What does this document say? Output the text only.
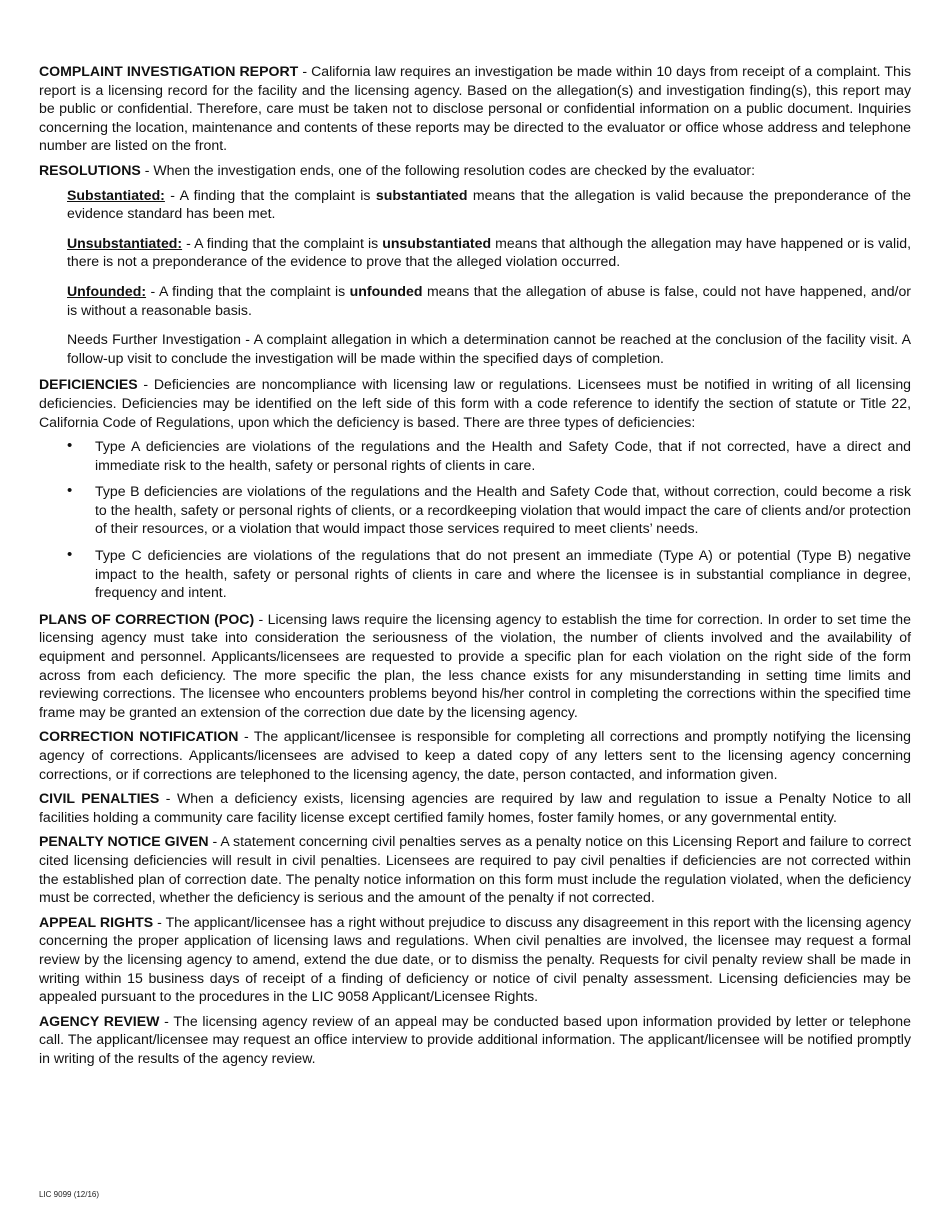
COMPLAINT INVESTIGATION REPORT - California law requires an investigation be made within 10 days from receipt of a complaint. This report is a licensing record for the facility and the licensing agency. Based on the allegation(s) and investigation finding(s), this report may be public or confidential. Therefore, care must be taken not to disclose personal or confidential information on a public document. Inquiries concerning the location, maintenance and contents of these reports may be directed to the evaluator or office whose address and telephone number are listed on the front.

RESOLUTIONS - When the investigation ends, one of the following resolution codes are checked by the evaluator:

Substantiated: - A finding that the complaint is substantiated means that the allegation is valid because the preponderance of the evidence standard has been met.

Unsubstantiated: - A finding that the complaint is unsubstantiated means that although the allegation may have happened or is valid, there is not a preponderance of the evidence to prove that the alleged violation occurred.

Unfounded: - A finding that the complaint is unfounded means that the allegation of abuse is false, could not have happened, and/or is without a reasonable basis.

Needs Further Investigation - A complaint allegation in which a determination cannot be reached at the conclusion of the facility visit. A follow-up visit to conclude the investigation will be made within the specified days of completion.

DEFICIENCIES - Deficiencies are noncompliance with licensing law or regulations. Licensees must be notified in writing of all licensing deficiencies. Deficiencies may be identified on the left side of this form with a code reference to identify the section of statute or Title 22, California Code of Regulations, upon which the deficiency is based. There are three types of deficiencies:

• Type A deficiencies are violations of the regulations and the Health and Safety Code, that if not corrected, have a direct and immediate risk to the health, safety or personal rights of clients in care.
• Type B deficiencies are violations of the regulations and the Health and Safety Code that, without correction, could become a risk to the health, safety or personal rights of clients, or a recordkeeping violation that would impact the care of clients and/or protection of their resources, or a violation that would impact those services required to meet clients’ needs.
• Type C deficiencies are violations of the regulations that do not present an immediate (Type A) or potential (Type B) negative impact to the health, safety or personal rights of clients in care and where the licensee is in substantial compliance in degree, frequency and intent.

PLANS OF CORRECTION (POC) - Licensing laws require the licensing agency to establish the time for correction. In order to set time the licensing agency must take into consideration the seriousness of the violation, the number of clients involved and the availability of equipment and personnel. Applicants/licensees are requested to provide a specific plan for each violation on the right side of the form across from each deficiency. The more specific the plan, the less chance exists for any misunderstanding in setting time limits and reviewing corrections. The licensee who encounters problems beyond his/her control in completing the corrections within the specified time frame may be granted an extension of the correction due date by the licensing agency.

CORRECTION NOTIFICATION - The applicant/licensee is responsible for completing all corrections and promptly notifying the licensing agency of corrections. Applicants/licensees are advised to keep a dated copy of any letters sent to the licensing agency concerning corrections, or if corrections are telephoned to the licensing agency, the date, person contacted, and information given.

CIVIL PENALTIES - When a deficiency exists, licensing agencies are required by law and regulation to issue a Penalty Notice to all facilities holding a community care facility license except certified family homes, foster family homes, or any governmental entity.

PENALTY NOTICE GIVEN - A statement concerning civil penalties serves as a penalty notice on this Licensing Report and failure to correct cited licensing deficiencies will result in civil penalties. Licensees are required to pay civil penalties if deficiencies are not corrected within the established plan of correction date. The penalty notice information on this form must include the regulation violated, when the deficiency must be corrected, whether the deficiency is serious and the amount of the penalty if not corrected.

APPEAL RIGHTS - The applicant/licensee has a right without prejudice to discuss any disagreement in this report with the licensing agency concerning the proper application of licensing laws and regulations. When civil penalties are involved, the licensee may request a formal review by the licensing agency to amend, extend the due date, or to dismiss the penalty. Requests for civil penalty review shall be made in writing within 15 business days of receipt of a finding of deficiency or notice of civil penalty assessment. Licensing deficiencies may be appealed pursuant to the procedures in the LIC 9058 Applicant/Licensee Rights.

AGENCY REVIEW - The licensing agency review of an appeal may be conducted based upon information provided by letter or telephone call. The applicant/licensee may request an office interview to provide additional information. The applicant/licensee will be notified promptly in writing of the results of the agency review.

LIC 9099 (12/16)
